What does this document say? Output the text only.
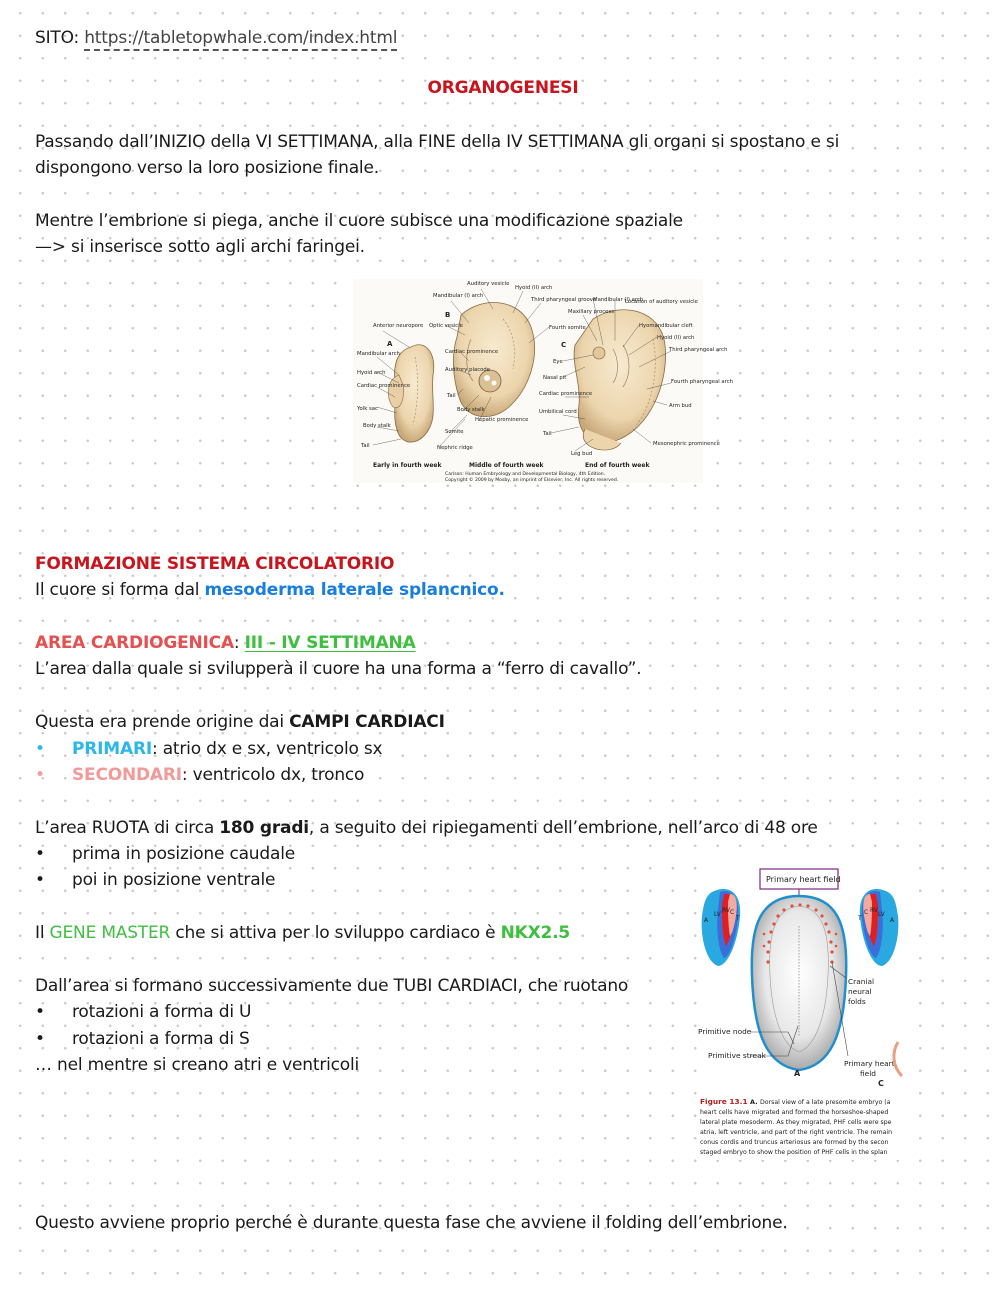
SITO: https://tabletopwhale.com/index.html

ORGANOGENESI

Passando dall’INIZIO della VI SETTIMANA, alla FINE della IV SETTIMANA gli organi si spostano e si

dispongono verso la loro posizione finale.

Mentre l’embrione si piega, anche il cuore subisce una modificazione spaziale

—> si inserisce sotto agli archi faringei.

Anterior neuropore
A
Mandibular arch
Hyoid arch
Cardiac prominence
Yolk sac
Body stalk
Tail
Mandibular (I) arch
Auditory vesicle
Hyoid (II) arch
B
Optic vesicle
Third pharyngeal groove
Cardiac prominence
Auditory placode
Fourth somite
Tail
Body stalk
Hepatic prominence
Somite
Nephric ridge
Mandibular (I) arch
Location of auditory vesicle
Maxillary process
Hyomandibular cleft
Hyoid (II) arch
C
Third pharyngeal arch
Eye
Nasal pit
Fourth pharyngeal arch
Cardiac prominence
Arm bud
Umbilical cord
Tail
Mesonephric prominence
Leg bud
Early in fourth week	Middle of fourth week	End of fourth week
Carlson: Human Embryology and Developmental Biology, 4th Edition.
Copyright © 2009 by Mosby, an imprint of Elsevier, Inc. All rights reserved.

FORMAZIONE SISTEMA CIRCOLATORIO

Il cuore si forma dal mesoderma laterale splancnico.

AREA CARDIOGENICA: III - IV SETTIMANA

L’area dalla quale si svilupperà il cuore ha una forma a “ferro di cavallo”.

Questa era prende origine dai CAMPI CARDIACI

• PRIMARI: atrio dx e sx, ventricolo sx

• SECONDARI: ventricolo dx, tronco

L’area RUOTA di circa 180 gradi, a seguito dei ripiegamenti dell’embrione, nell’arco di 48 ore

• prima in posizione caudale

• poi in posizione ventrale

Il GENE MASTER che si attiva per lo sviluppo cardiaco è NKX2.5

Dall’area si formano successivamente due TUBI CARDIACI, che ruotano

• rotazioni a forma di U

• rotazioni a forma di S

… nel mentre si creano atri e ventricoli

Primary heart field
A
LV
RV C
T	T
C RV
LV
A
Cranial
neural
folds
Primitive node
Primitive streak
Primary heart
field
A
C
Figure 13.1 A. Dorsal view of a late presomite embryo (a
heart cells have migrated and formed the horseshoe-shaped
lateral plate mesoderm. As they migrated, PHF cells were spe
atria, left ventricle, and part of the right ventricle. The remain
conus cordis and truncus arteriosus are formed by the secon
staged embryo to show the position of PHF cells in the splan

Questo avviene proprio perché è durante questa fase che avviene il folding dell’embrione.
